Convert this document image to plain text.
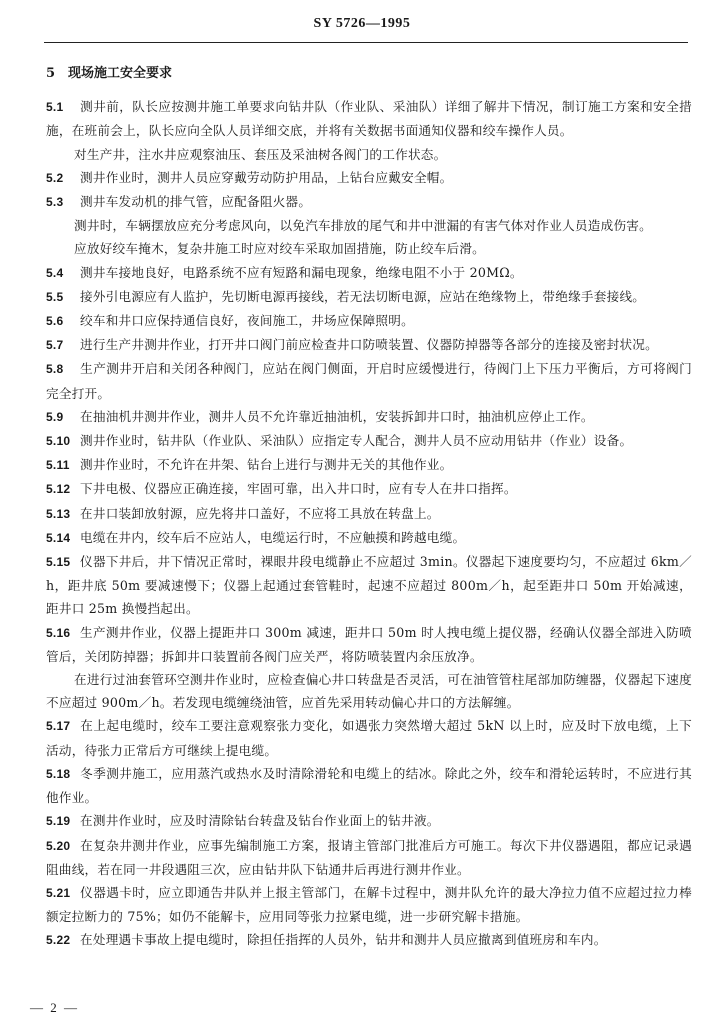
SY 5726—1995
5 现场施工安全要求
5.1 测井前，队长应按测井施工单要求向钻井队（作业队、采油队）详细了解井下情况，制订施工方案和安全措施，在班前会上，队长应向全队人员详细交底，并将有关数据书面通知仪器和绞车操作人员。
对生产井，注水井应观察油压、套压及采油树各阀门的工作状态。
5.2 测井作业时，测井人员应穿戴劳动防护用品，上钻台应戴安全帽。
5.3 测井车发动机的排气管，应配备阻火器。
测井时，车辆摆放应充分考虑风向，以免汽车排放的尾气和井中泄漏的有害气体对作业人员造成伤害。
应放好绞车掩木，复杂井施工时应对绞车采取加固措施，防止绞车后滑。
5.4 测井车接地良好，电路系统不应有短路和漏电现象，绝缘电阻不小于 20MΩ。
5.5 接外引电源应有人监护，先切断电源再接线，若无法切断电源，应站在绝缘物上，带绝缘手套接线。
5.6 绞车和井口应保持通信良好，夜间施工，井场应保障照明。
5.7 进行生产井测井作业，打开井口阀门前应检查井口防喷装置、仪器防掉器等各部分的连接及密封状况。
5.8 生产测井开启和关闭各种阀门，应站在阀门侧面，开启时应缓慢进行，待阀门上下压力平衡后，方可将阀门完全打开。
5.9 在抽油机井测井作业，测井人员不允许靠近抽油机，安装拆卸井口时，抽油机应停止工作。
5.10 测井作业时，钻井队（作业队、采油队）应指定专人配合，测井人员不应动用钻井（作业）设备。
5.11 测井作业时，不允许在井架、钻台上进行与测井无关的其他作业。
5.12 下井电极、仪器应正确连接，牢固可靠，出入井口时，应有专人在井口指挥。
5.13 在井口装卸放射源，应先将井口盖好，不应将工具放在转盘上。
5.14 电缆在井内，绞车后不应站人，电缆运行时，不应触摸和跨越电缆。
5.15 仪器下井后，井下情况正常时，裸眼井段电缆静止不应超过 3min。仪器起下速度要均匀，不应超过 6km／h，距井底 50m 要减速慢下；仪器上起通过套管鞋时，起速不应超过 800m／h，起至距井口 50m 开始减速，距井口 25m 换慢挡起出。
5.16 生产测井作业，仪器上提距井口 300m 减速，距井口 50m 时人拽电缆上提仪器，经确认仪器全部进入防喷管后，关闭防掉器；拆卸井口装置前各阀门应关严，将防喷装置内余压放净。
在进行过油套管环空测井作业时，应检查偏心井口转盘是否灵活，可在油管管柱尾部加防缠器，仪器起下速度不应超过 900m／h。若发现电缆缠绕油管，应首先采用转动偏心井口的方法解缠。
5.17 在上起电缆时，绞车工要注意观察张力变化，如遇张力突然增大超过 5kN 以上时，应及时下放电缆，上下活动，待张力正常后方可继续上提电缆。
5.18 冬季测井施工，应用蒸汽或热水及时清除滑轮和电缆上的结冰。除此之外，绞车和滑轮运转时，不应进行其他作业。
5.19 在测井作业时，应及时清除钻台转盘及钻台作业面上的钻井液。
5.20 在复杂井测井作业，应事先编制施工方案，报请主管部门批准后方可施工。每次下井仪器遇阻，都应记录遇阻曲线，若在同一井段遇阻三次，应由钻井队下钻通井后再进行测井作业。
5.21 仪器遇卡时，应立即通告井队并上报主管部门，在解卡过程中，测井队允许的最大净拉力值不应超过拉力棒额定拉断力的 75%；如仍不能解卡，应用同等张力拉紧电缆，进一步研究解卡措施。
5.22 在处理遇卡事故上提电缆时，除担任指挥的人员外，钻井和测井人员应撤离到值班房和车内。
— 2 —
